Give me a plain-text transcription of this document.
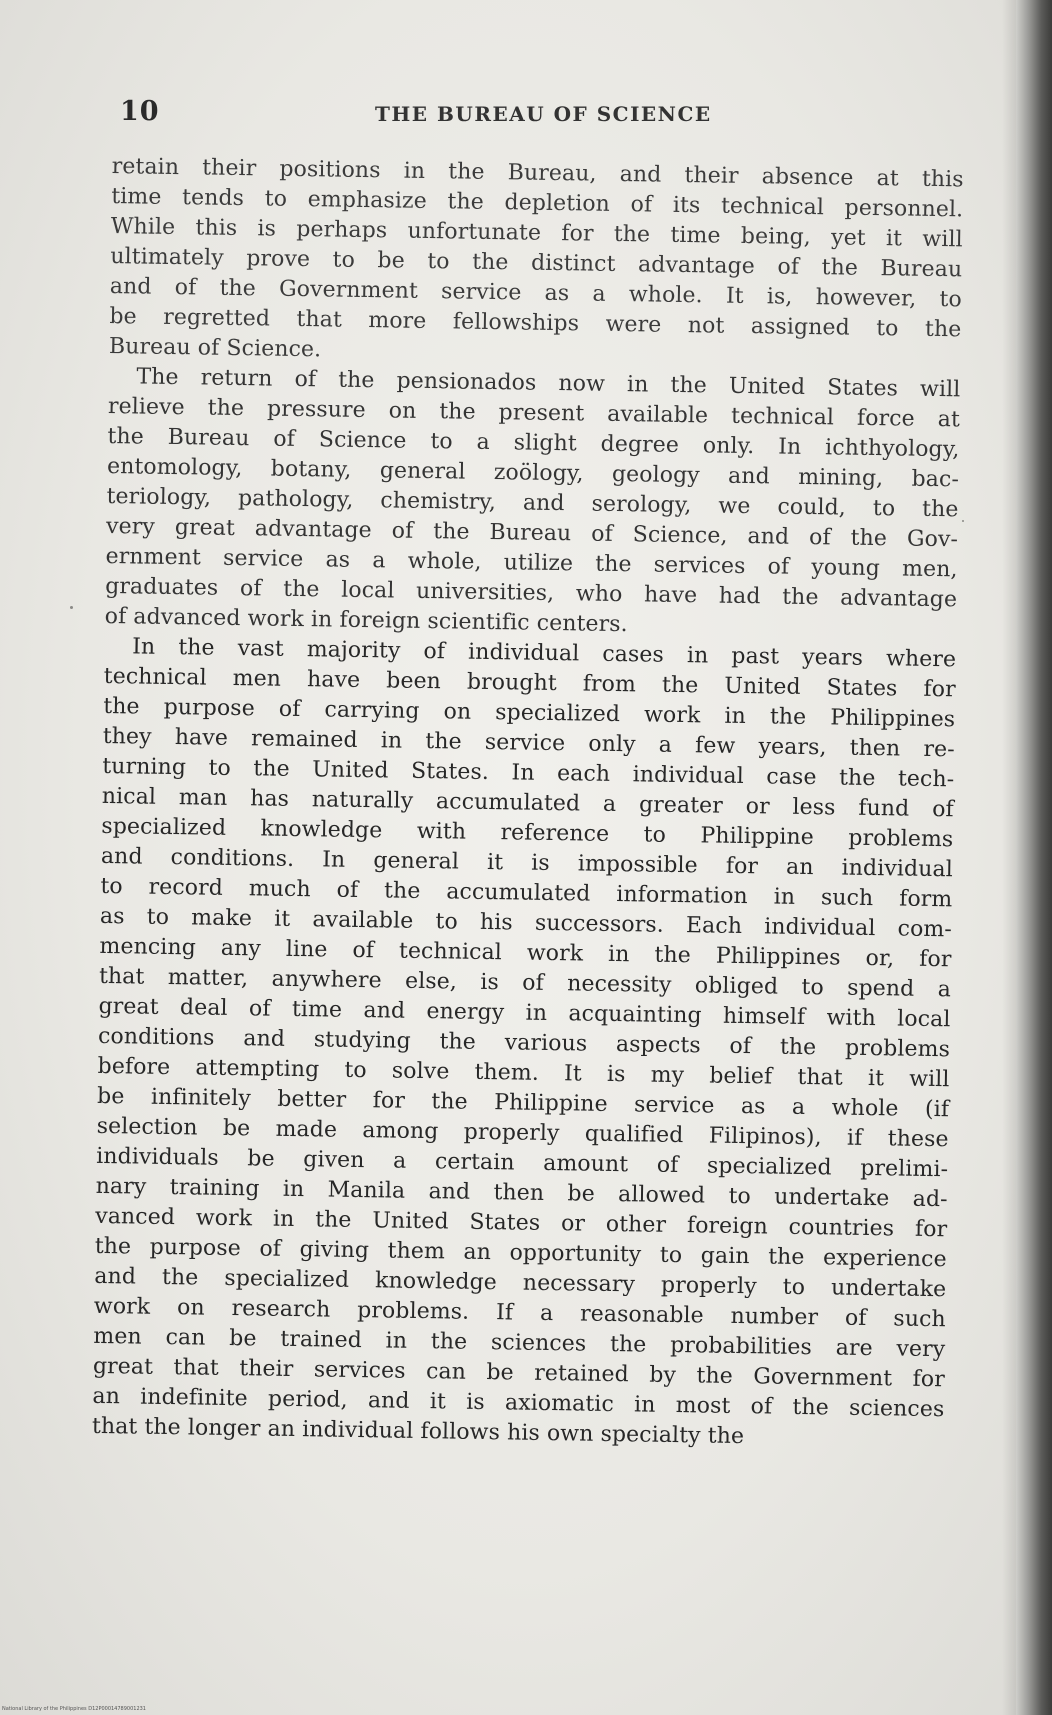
10	THE BUREAU OF SCIENCE
retain their positions in the Bureau, and their absence at this
time tends to emphasize the depletion of its technical personnel.
While this is perhaps unfortunate for the time being, yet it will
ultimately prove to be to the distinct advantage of the Bureau
and of the Government service as a whole. It is, however, to
be regretted that more fellowships were not assigned to the
Bureau of Science.
The return of the pensionados now in the United States will
relieve the pressure on the present available technical force at
the Bureau of Science to a slight degree only. In ichthyology,
entomology, botany, general zoölogy, geology and mining, bac-
teriology, pathology, chemistry, and serology, we could, to the
very great advantage of the Bureau of Science, and of the Gov-
ernment service as a whole, utilize the services of young men,
graduates of the local universities, who have had the advantage
of advanced work in foreign scientific centers.
In the vast majority of individual cases in past years where
technical men have been brought from the United States for
the purpose of carrying on specialized work in the Philippines
they have remained in the service only a few years, then re-
turning to the United States. In each individual case the tech-
nical man has naturally accumulated a greater or less fund of
specialized knowledge with reference to Philippine problems
and conditions. In general it is impossible for an individual
to record much of the accumulated information in such form
as to make it available to his successors. Each individual com-
mencing any line of technical work in the Philippines or, for
that matter, anywhere else, is of necessity obliged to spend a
great deal of time and energy in acquainting himself with local
conditions and studying the various aspects of the problems
before attempting to solve them. It is my belief that it will
be infinitely better for the Philippine service as a whole (if
selection be made among properly qualified Filipinos), if these
individuals be given a certain amount of specialized prelimi-
nary training in Manila and then be allowed to undertake ad-
vanced work in the United States or other foreign countries for
the purpose of giving them an opportunity to gain the experience
and the specialized knowledge necessary properly to undertake
work on research problems. If a reasonable number of such
men can be trained in the sciences the probabilities are very
great that their services can be retained by the Government for
an indefinite period, and it is axiomatic in most of the sciences
that the longer an individual follows his own specialty the
National Library of the Philippines D12P00014789001231
